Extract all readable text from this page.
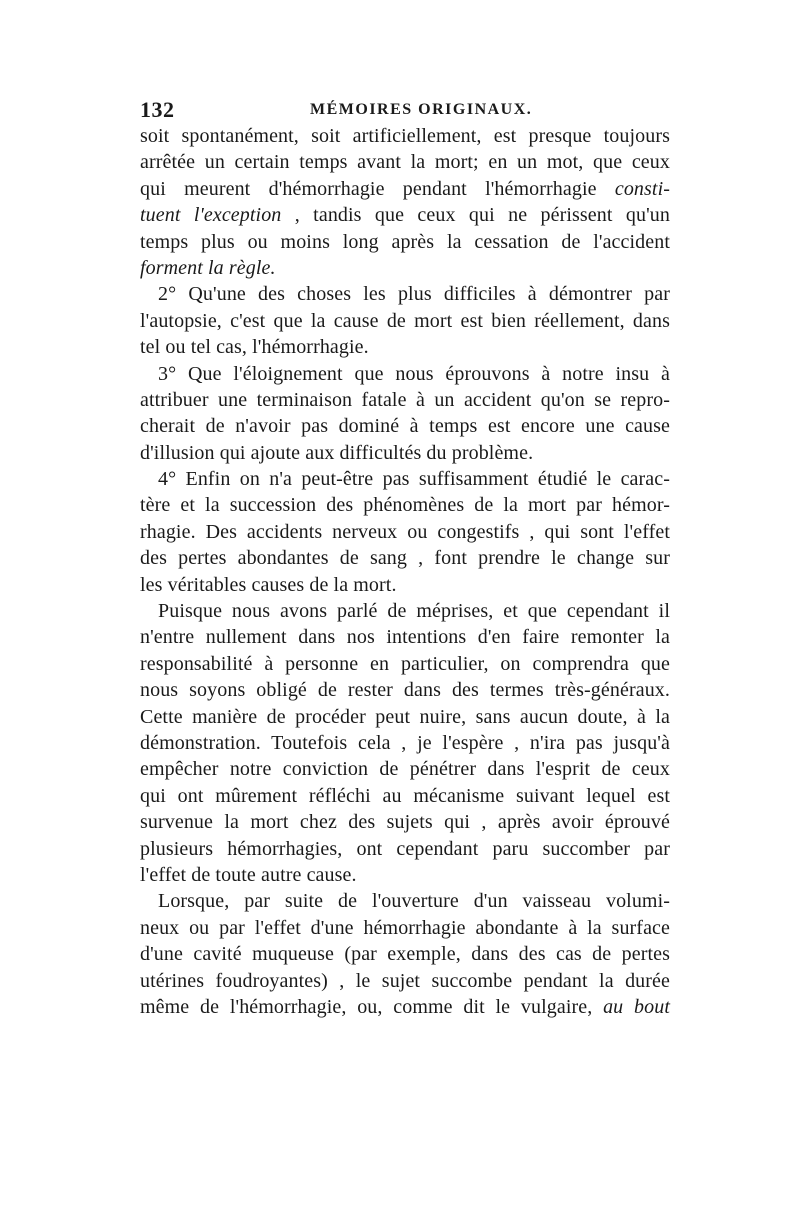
132	MÉMOIRES ORIGINAUX.
soit spontanément, soit artificiellement, est presque toujours
arrêtée un certain temps avant la mort; en un mot, que ceux
qui meurent d'hémorrhagie pendant l'hémorrhagie consti-
tuent l'exception , tandis que ceux qui ne périssent qu'un
temps plus ou moins long après la cessation de l'accident
forment la règle.
2° Qu'une des choses les plus difficiles à démontrer par
l'autopsie, c'est que la cause de mort est bien réellement, dans
tel ou tel cas, l'hémorrhagie.
3° Que l'éloignement que nous éprouvons à notre insu à
attribuer une terminaison fatale à un accident qu'on se repro-
cherait de n'avoir pas dominé à temps est encore une cause
d'illusion qui ajoute aux difficultés du problème.
4° Enfin on n'a peut-être pas suffisamment étudié le carac-
tère et la succession des phénomènes de la mort par hémor-
rhagie. Des accidents nerveux ou congestifs , qui sont l'effet
des pertes abondantes de sang , font prendre le change sur
les véritables causes de la mort.
Puisque nous avons parlé de méprises, et que cependant il
n'entre nullement dans nos intentions d'en faire remonter la
responsabilité à personne en particulier, on comprendra que
nous soyons obligé de rester dans des termes très-généraux.
Cette manière de procéder peut nuire, sans aucun doute, à la
démonstration. Toutefois cela , je l'espère , n'ira pas jusqu'à
empêcher notre conviction de pénétrer dans l'esprit de ceux
qui ont mûrement réfléchi au mécanisme suivant lequel est
survenue la mort chez des sujets qui , après avoir éprouvé
plusieurs hémorrhagies, ont cependant paru succomber par
l'effet de toute autre cause.
Lorsque, par suite de l'ouverture d'un vaisseau volumi-
neux ou par l'effet d'une hémorrhagie abondante à la surface
d'une cavité muqueuse (par exemple, dans des cas de pertes
utérines foudroyantes) , le sujet succombe pendant la durée
même de l'hémorrhagie, ou, comme dit le vulgaire, au bout
